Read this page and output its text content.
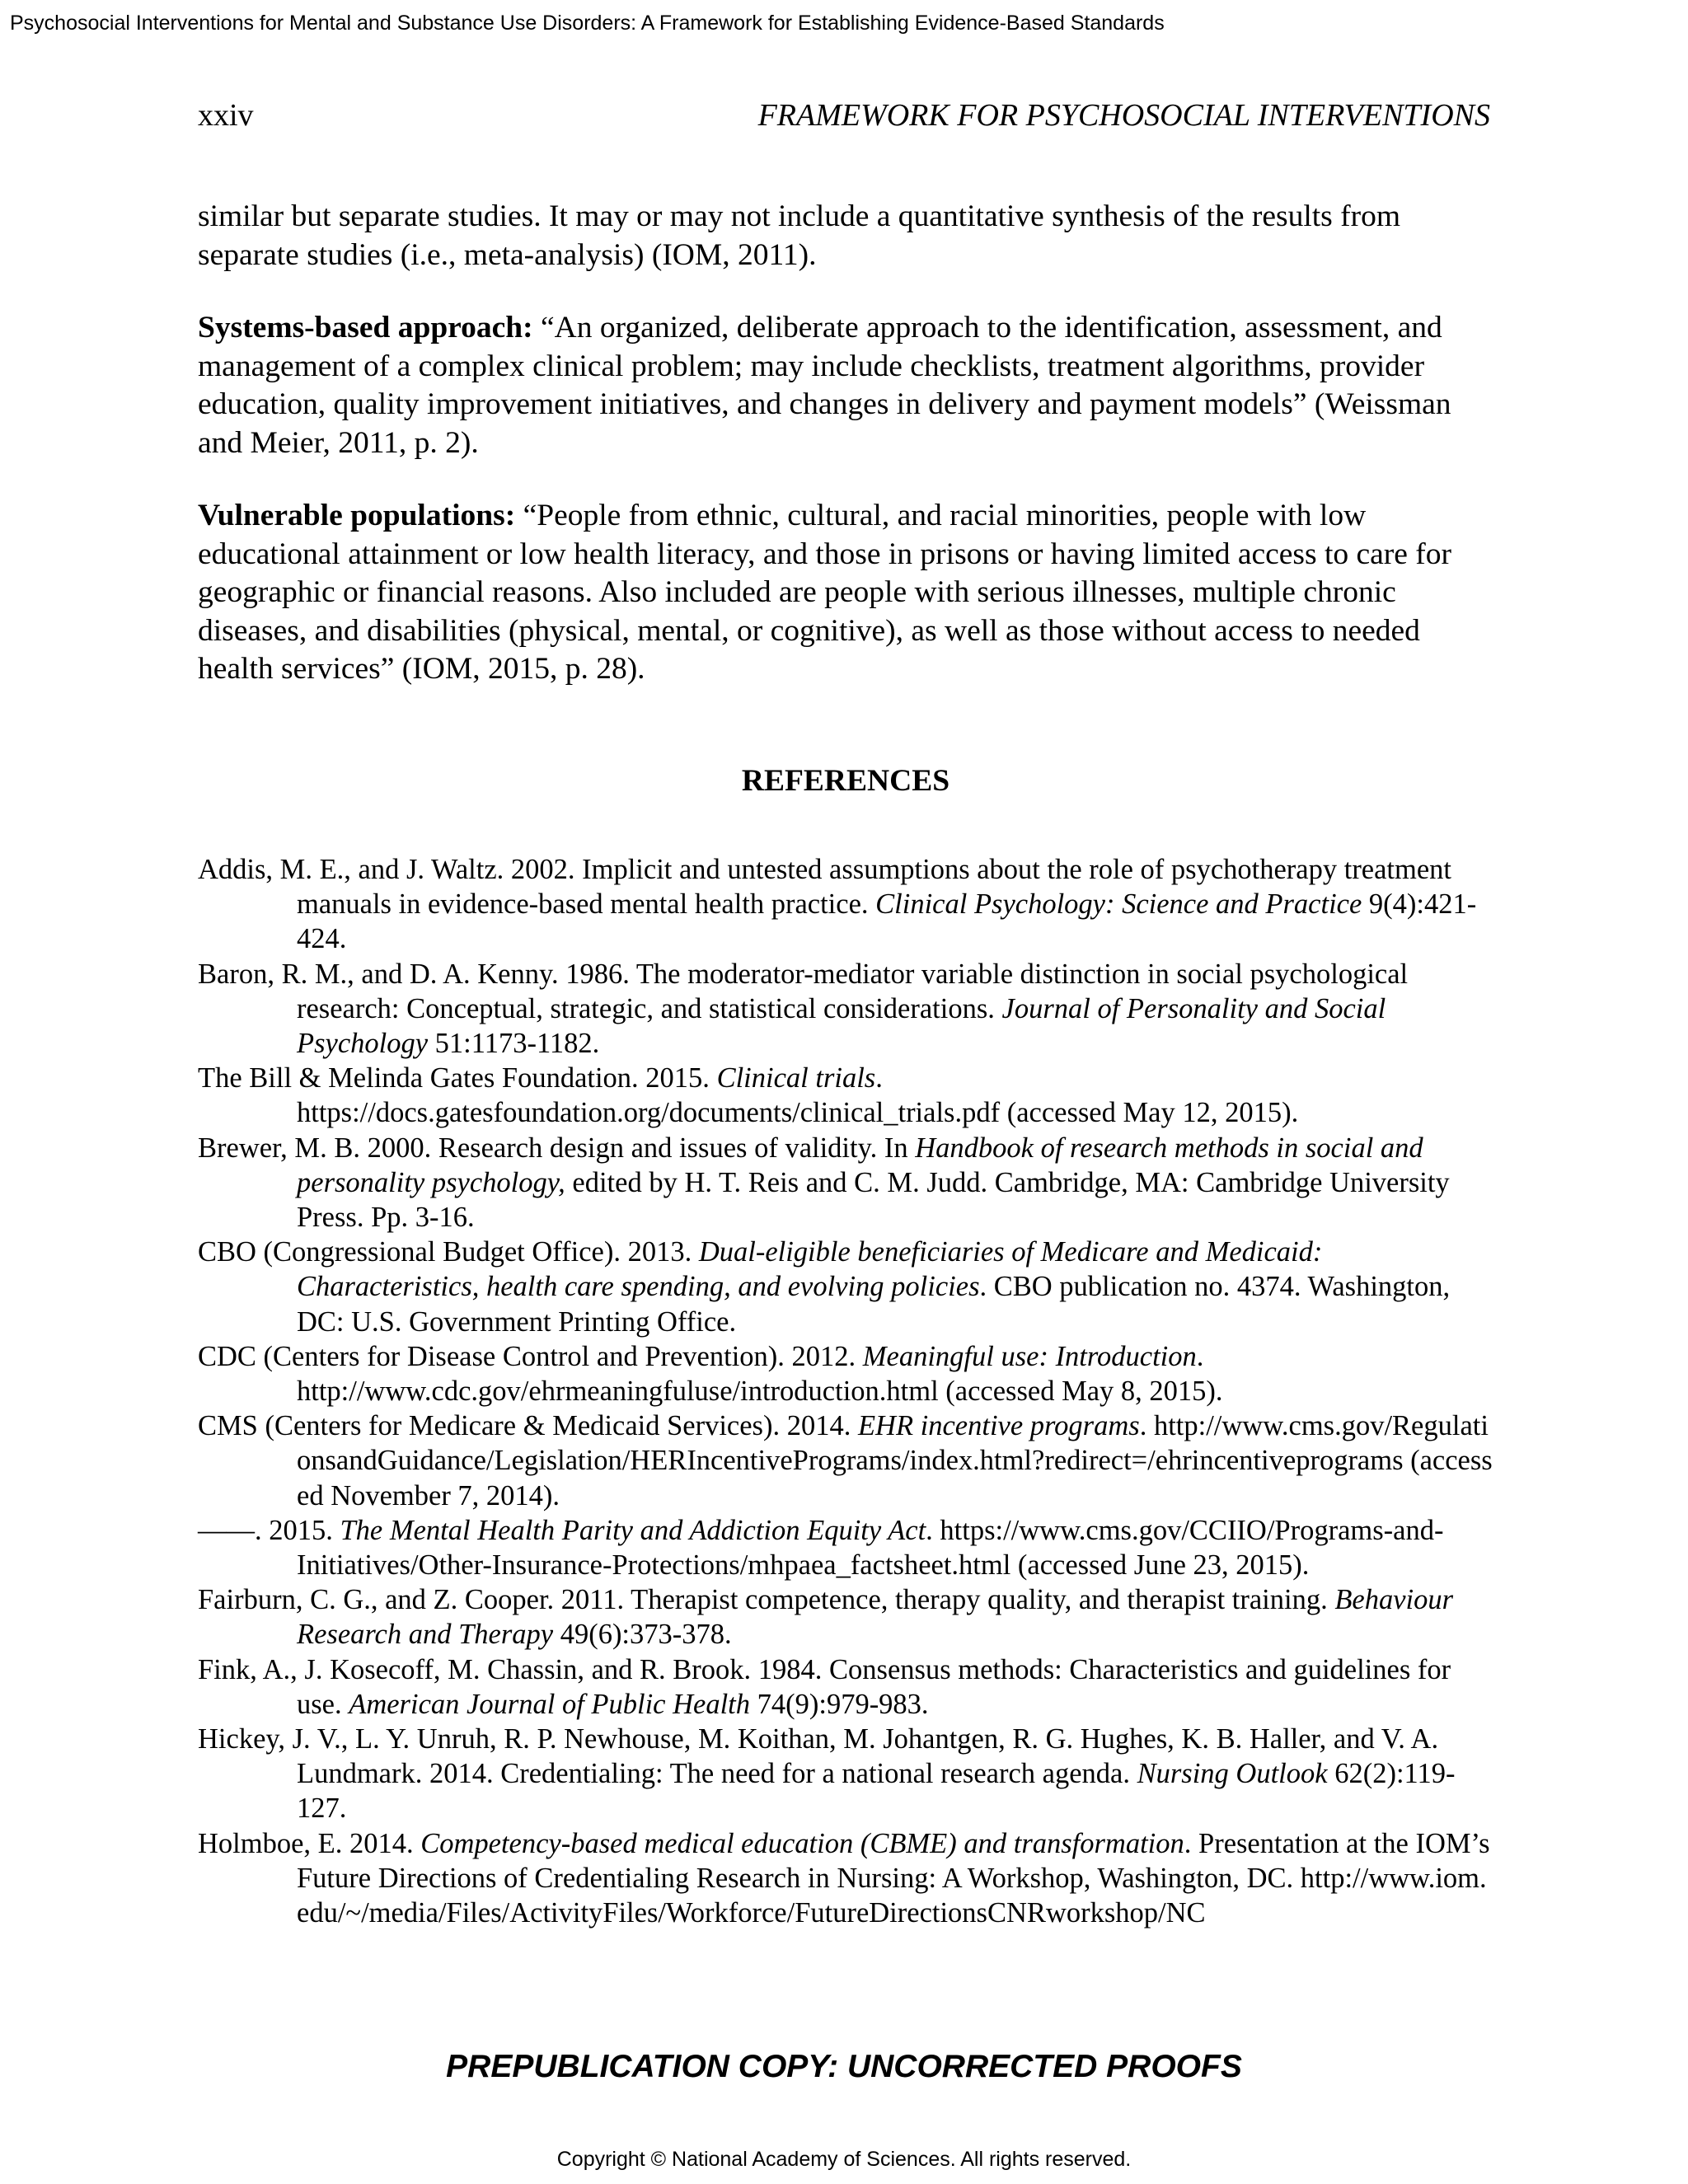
Psychosocial Interventions for Mental and Substance Use Disorders: A Framework for Establishing Evidence-Based Standards
xxiv	FRAMEWORK FOR PSYCHOSOCIAL INTERVENTIONS

similar but separate studies. It may or may not include a quantitative synthesis of the results from separate studies (i.e., meta-analysis) (IOM, 2011).

Systems-based approach: “An organized, deliberate approach to the identification, assessment, and management of a complex clinical problem; may include checklists, treatment algorithms, provider education, quality improvement initiatives, and changes in delivery and payment models” (Weissman and Meier, 2011, p. 2).

Vulnerable populations: “People from ethnic, cultural, and racial minorities, people with low educational attainment or low health literacy, and those in prisons or having limited access to care for geographic or financial reasons. Also included are people with serious illnesses, multiple chronic diseases, and disabilities (physical, mental, or cognitive), as well as those without access to needed health services” (IOM, 2015, p. 28).

REFERENCES

Addis, M. E., and J. Waltz. 2002. Implicit and untested assumptions about the role of psychotherapy treatment manuals in evidence-based mental health practice. Clinical Psychology: Science and Practice 9(4):421-424.

Baron, R. M., and D. A. Kenny. 1986. The moderator-mediator variable distinction in social psychological research: Conceptual, strategic, and statistical considerations. Journal of Personality and Social Psychology 51:1173-1182.

The Bill & Melinda Gates Foundation. 2015. Clinical trials. https://docs.gatesfoundation.org/documents/clinical_trials.pdf (accessed May 12, 2015).

Brewer, M. B. 2000. Research design and issues of validity. In Handbook of research methods in social and personality psychology, edited by H. T. Reis and C. M. Judd. Cambridge, MA: Cambridge University Press. Pp. 3-16.

CBO (Congressional Budget Office). 2013. Dual-eligible beneficiaries of Medicare and Medicaid: Characteristics, health care spending, and evolving policies. CBO publication no. 4374. Washington, DC: U.S. Government Printing Office.

CDC (Centers for Disease Control and Prevention). 2012. Meaningful use: Introduction. http://www.cdc.gov/ehrmeaningfuluse/introduction.html (accessed May 8, 2015).

CMS (Centers for Medicare & Medicaid Services). 2014. EHR incentive programs. http://www.cms.gov/RegulationsandGuidance/Legislation/HERIncentivePrograms/index.html?redirect=/ehrincentiveprograms (accessed November 7, 2014).

——. 2015. The Mental Health Parity and Addiction Equity Act. https://www.cms.gov/CCIIO/Programs-and-Initiatives/Other-Insurance-Protections/mhpaea_factsheet.html (accessed June 23, 2015).

Fairburn, C. G., and Z. Cooper. 2011. Therapist competence, therapy quality, and therapist training. Behaviour Research and Therapy 49(6):373-378.

Fink, A., J. Kosecoff, M. Chassin, and R. Brook. 1984. Consensus methods: Characteristics and guidelines for use. American Journal of Public Health 74(9):979-983.

Hickey, J. V., L. Y. Unruh, R. P. Newhouse, M. Koithan, M. Johantgen, R. G. Hughes, K. B. Haller, and V. A. Lundmark. 2014. Credentialing: The need for a national research agenda. Nursing Outlook 62(2):119-127.

Holmboe, E. 2014. Competency-based medical education (CBME) and transformation. Presentation at the IOM’s Future Directions of Credentialing Research in Nursing: A Workshop, Washington, DC. http://www.iom.edu/~/media/Files/ActivityFiles/Workforce/FutureDirectionsCNRworkshop/NC

PREPUBLICATION COPY: UNCORRECTED PROOFS
Copyright © National Academy of Sciences. All rights reserved.
